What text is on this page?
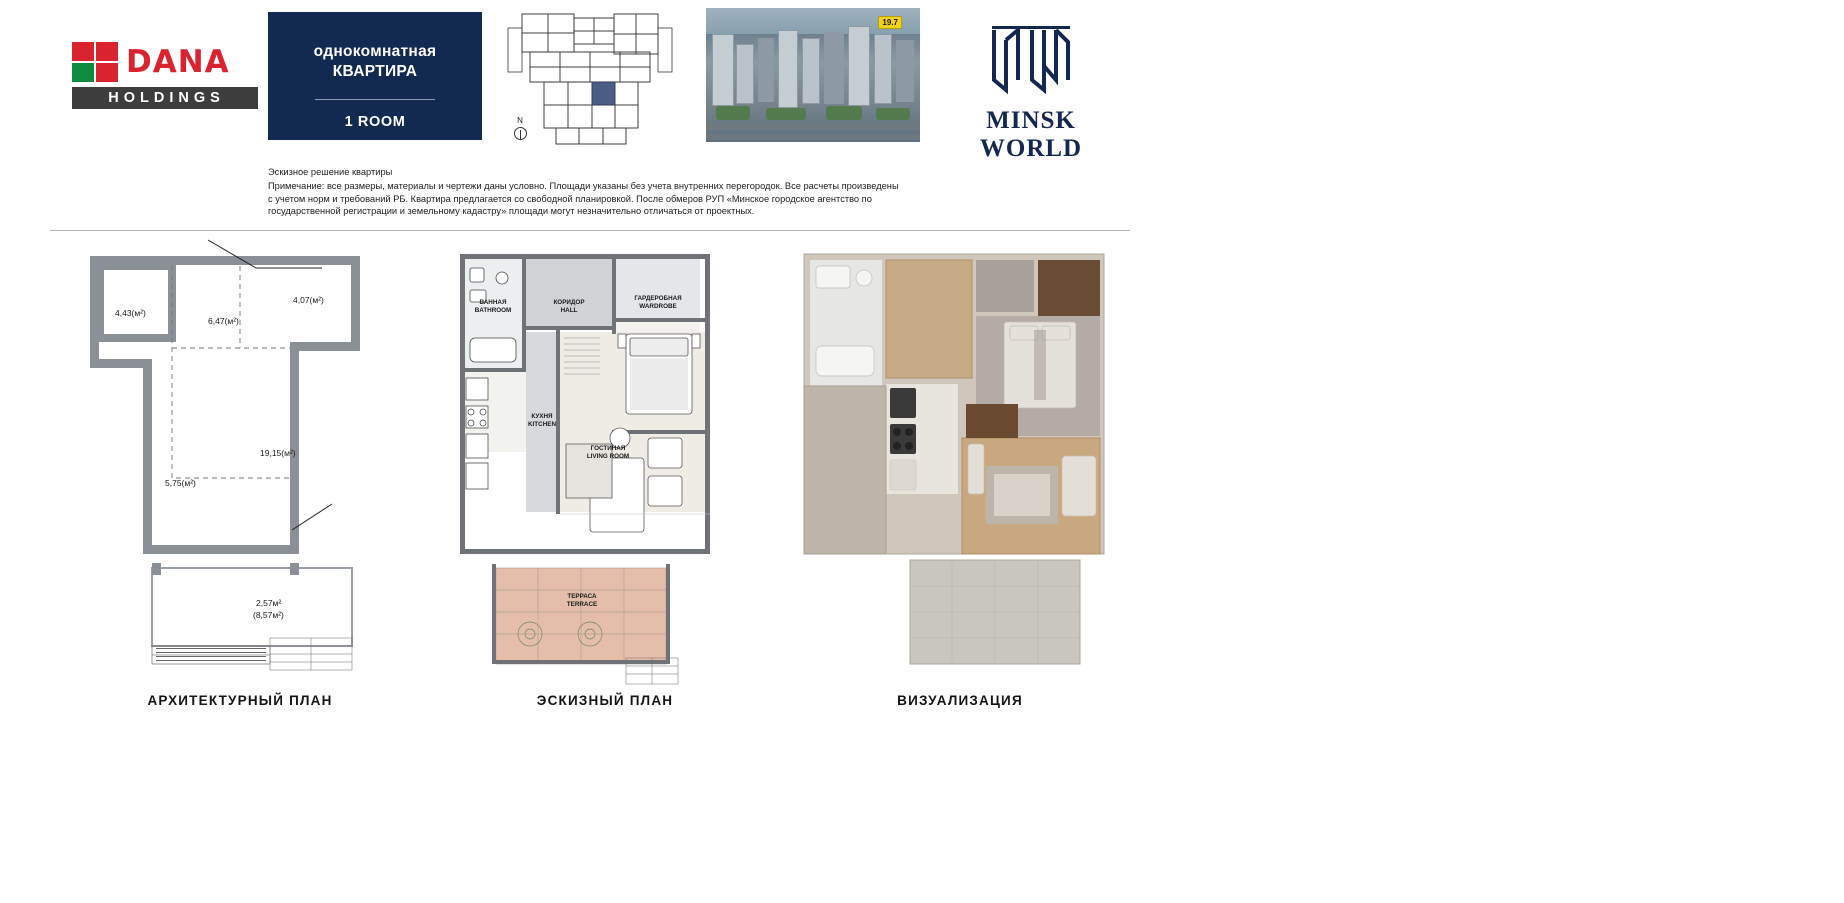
DANA
HOLDINGS
однокомнатная
КВАРТИРА
1 ROOM	N
19.7
MINSK WORLD
Эскизное решение квартиры
Примечание: все размеры, материалы и чертежи даны условно. Площади указаны без учета внутренних перегородок. Все расчеты произведены
с учетом норм и требований РБ. Квартира предлагается со свободной планировкой. После обмеров РУП «Минское городское агентство по
государственной регистрации и земельному кадастру» площади могут незначительно отличаться от проектных.
4,43(м²)
6,47(м²)
4,07(м²)
19,15(м²)
5,75(м²)
2,57м²
(8,57м²)
ВАННАЯ
BATHROOM
КОРИДОР
HALL
ГАРДЕРОБНАЯ
WARDROBE
КУХНЯ
KITCHEN
ГОСТИНАЯ
LIVING ROOM
ТЕРРАСА
TERRACE
REALT
АРХИТЕКТУРНЫЙ ПЛАН	ЭСКИЗНЫЙ ПЛАН	ВИЗУАЛИЗАЦИЯ
